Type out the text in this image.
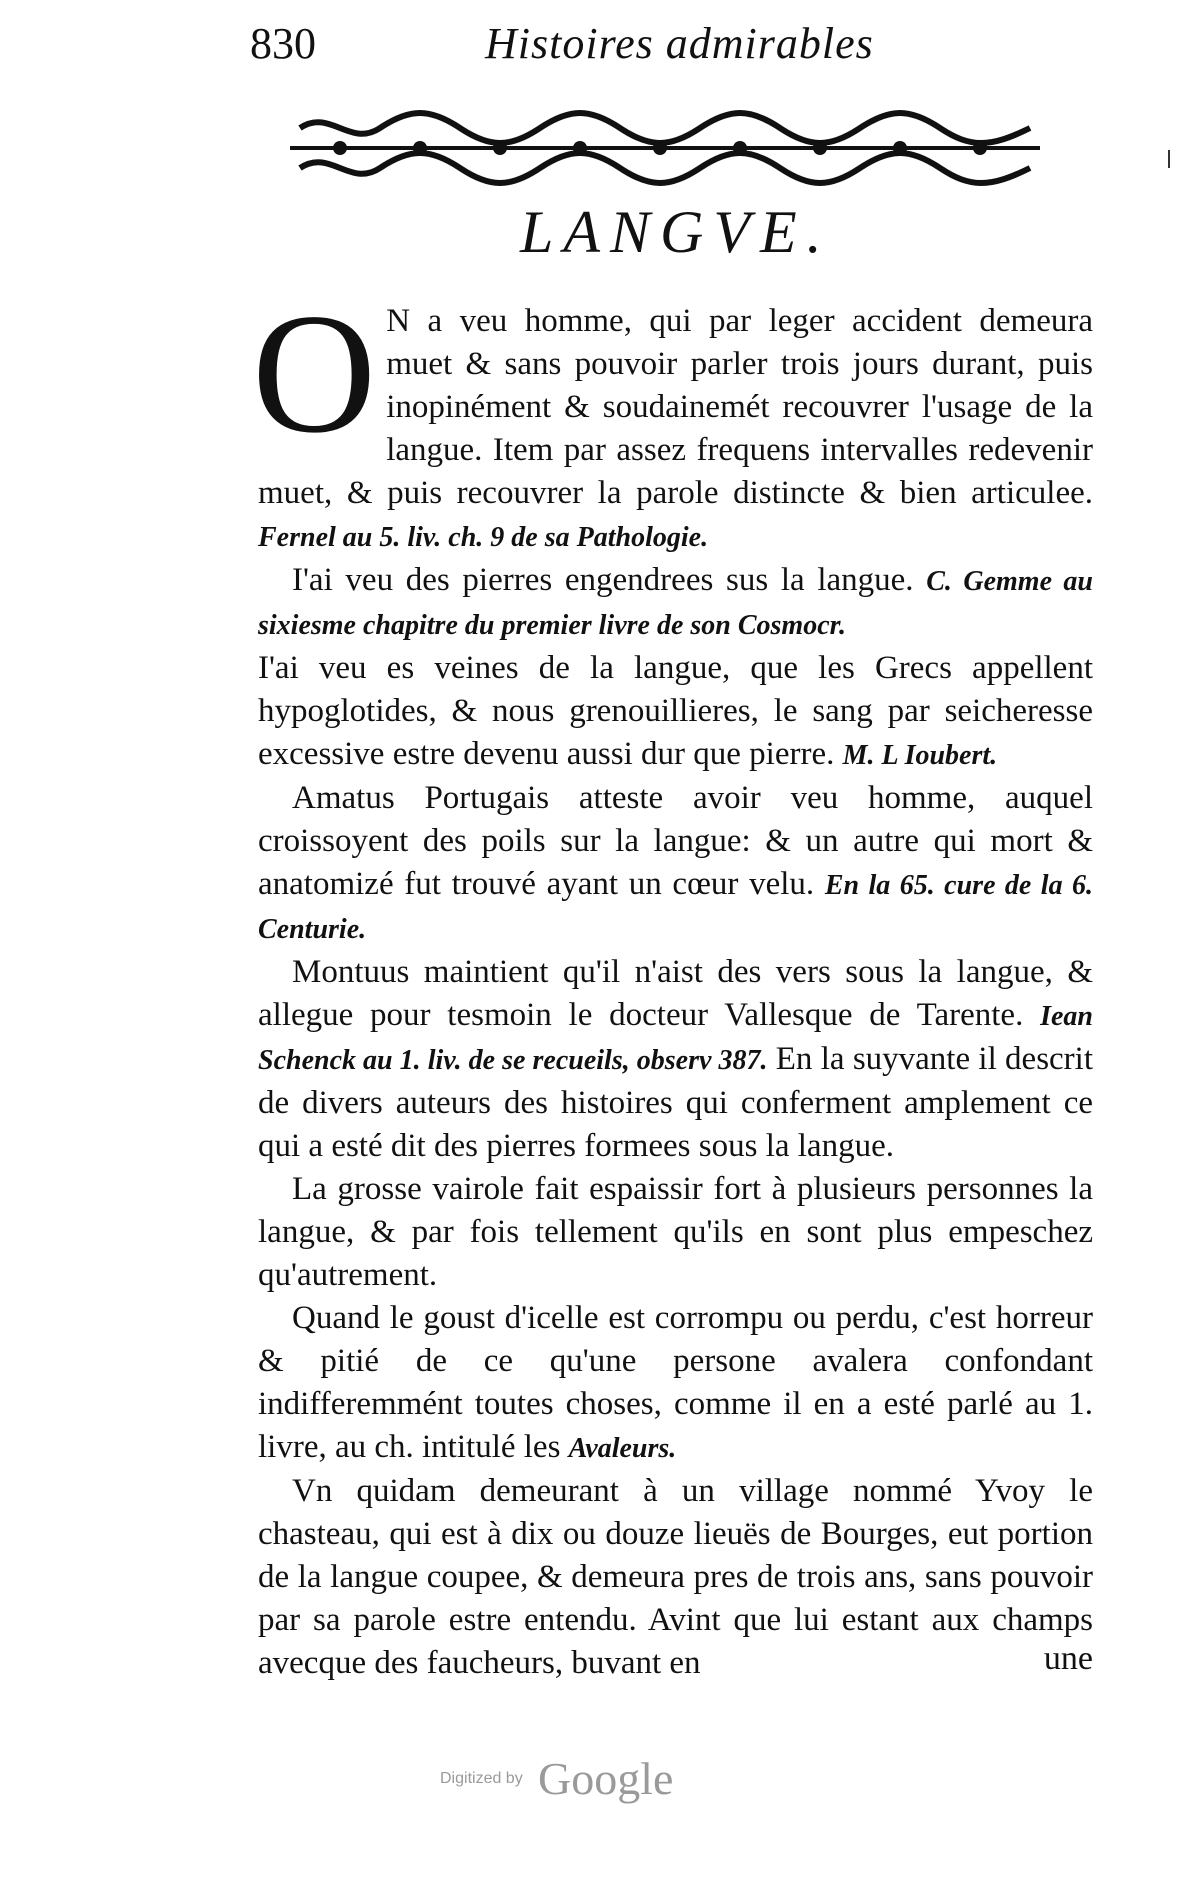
830	Histoires admirables
LANGVE.

O N a veu homme, qui par leger accident demeura muet & sans pouvoir parler trois jours durant, puis inopinément & soudainemét recouvrer l'usage de la langue. Item par assez frequens intervalles redevenir muet, & puis recouvrer la parole distincte & bien articulee. Fernel au 5. liv. ch. 9 de sa Pathologie.

I'ai veu des pierres engendrees sus la langue. C. Gemme au sixiesme chapitre du premier livre de son Cosmocr.

I'ai veu es veines de la langue, que les Grecs appellent hypoglotides, & nous grenouillieres, le sang par seicheresse excessive estre devenu aussi dur que pierre. M. L Ioubert.

Amatus Portugais atteste avoir veu homme, auquel croissoyent des poils sur la langue: & un autre qui mort & anatomizé fut trouvé ayant un cœur velu. En la 65. cure de la 6. Centurie.

Montuus maintient qu'il n'aist des vers sous la langue, & allegue pour tesmoin le docteur Vallesque de Tarente. Iean Schenck au 1. liv. de se recueils, observ 387. En la suyvante il descrit de divers auteurs des histoires qui conferment amplement ce qui a esté dit des pierres formees sous la langue.

La grosse vairole fait espaissir fort à plusieurs personnes la langue, & par fois tellement qu'ils en sont plus empeschez qu'autrement.

Quand le goust d'icelle est corrompu ou perdu, c'est horreur & pitié de ce qu'une persone avalera confondant indifferemmént toutes choses, comme il en a esté parlé au 1. livre, au ch. intitulé les Avaleurs.

Vn quidam demeurant à un village nommé Yvoy le chasteau, qui est à dix ou douze lieuës de Bourges, eut portion de la langue coupee, & demeura pres de trois ans, sans pouvoir par sa parole estre entendu. Avint que lui estant aux champs avecque des faucheurs, buvant en	une
Digitized by Google
